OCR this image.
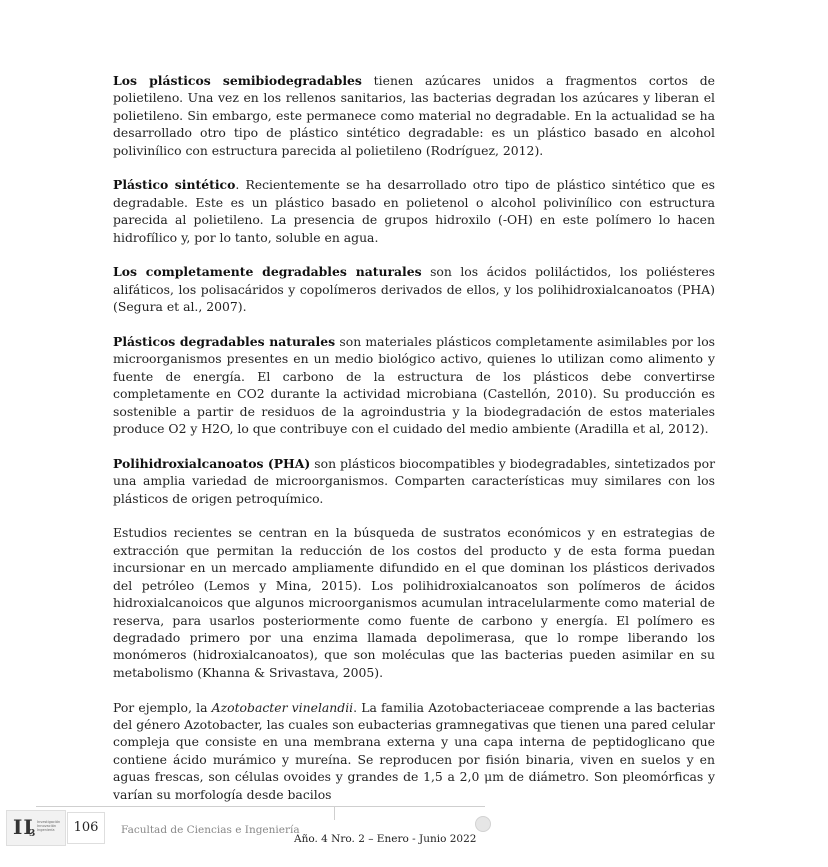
Los plásticos semibiodegradables tienen azúcares unidos a fragmentos cortos de polietileno. Una vez en los rellenos sanitarios, las bacterias degradan los azúcares y liberan el polietileno. Sin embargo, este permanece como material no degradable. En la actualidad se ha desarrollado otro tipo de plástico sintético degradable: es un plástico basado en alcohol polivinílico con estructura parecida al polietileno (Rodríguez, 2012).

Plástico sintético. Recientemente se ha desarrollado otro tipo de plástico sintético que es degradable. Este es un plástico basado en polietenol o alcohol polivinílico con estructura parecida al polietileno. La presencia de grupos hidroxilo (-OH) en este polímero lo hacen hidrofílico y, por lo tanto, soluble en agua.

Los completamente degradables naturales son los ácidos poliláctidos, los poliésteres alifáticos, los polisacáridos y copolímeros derivados de ellos, y los polihidroxialcanoatos (PHA) (Segura et al., 2007).

Plásticos degradables naturales son materiales plásticos completamente asimilables por los microorganismos presentes en un medio biológico activo, quienes lo utilizan como alimento y fuente de energía. El carbono de la estructura de los plásticos debe convertirse completamente en CO2 durante la actividad microbiana (Castellón, 2010). Su producción es sostenible a partir de residuos de la agroindustria y la biodegradación de estos materiales produce O2 y H2O, lo que contribuye con el cuidado del medio ambiente (Aradilla et al, 2012).

Polihidroxialcanoatos (PHA) son plásticos biocompatibles y biodegradables, sintetizados por una amplia variedad de microorganismos. Comparten características muy similares con los plásticos de origen petroquímico.

Estudios recientes se centran en la búsqueda de sustratos económicos y en estrategias de extracción que permitan la reducción de los costos del producto y de esta forma puedan incursionar en un mercado ampliamente difundido en el que dominan los plásticos derivados del petróleo (Lemos y Mina, 2015). Los polihidroxialcanoatos son polímeros de ácidos hidroxialcanoicos que algunos microorganismos acumulan intracelularmente como material de reserva, para usarlos posteriormente como fuente de carbono y energía. El polímero es degradado primero por una enzima llamada depolimerasa, que lo rompe liberando los monómeros (hidroxialcanoatos), que son moléculas que las bacterias pueden asimilar en su metabolismo (Khanna & Srivastava, 2005).

Por ejemplo, la Azotobacter vinelandii. La familia Azotobacteriaceae comprende a las bacterias del género Azotobacter, las cuales son eubacterias gramnegativas que tienen una pared celular compleja que consiste en una membrana externa y una capa interna de peptidoglicano que contiene ácido murámico y mureína. Se reproducen por fisión binaria, viven en suelos y en aguas frescas, son células ovoides y grandes de 1,5 a 2,0 μm de diámetro. Son pleomórficas y varían su morfología desde bacilos

I I 3
Investigación Innovación Ingeniería	106	Facultad de Ciencias e Ingeniería
Año. 4 Nro. 2 – Enero - Junio 2022
